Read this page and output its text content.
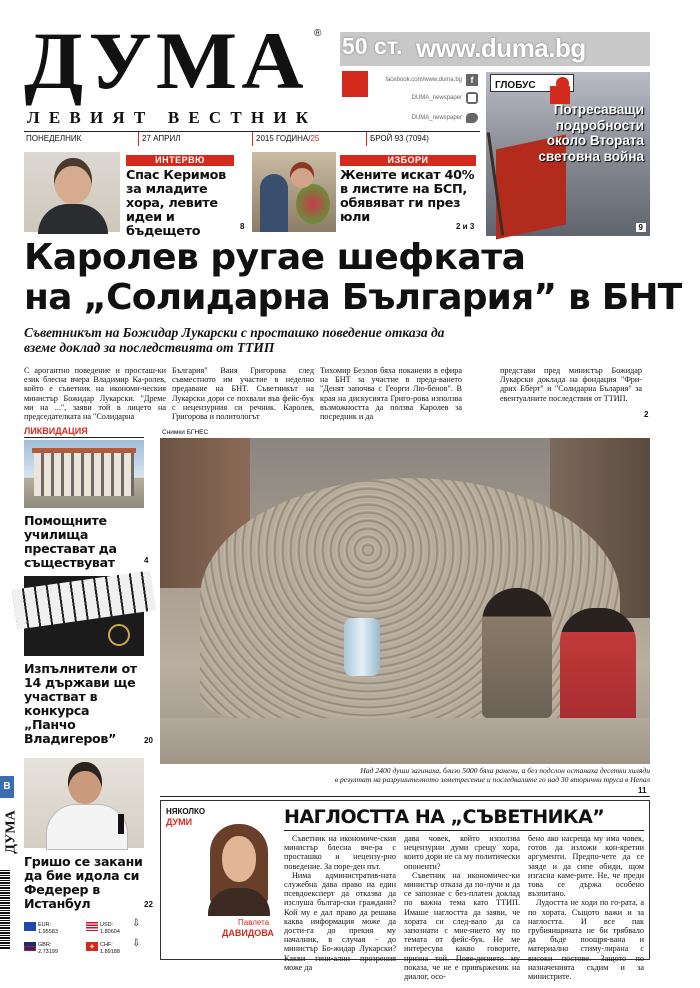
ДУМА ®
ЛЕВИЯТ ВЕСТНИК
50 ст. www.duma.bg
facebook.com/www.duma.bg f
DUMA_newspaper
DUMA_newspaper
ГЛОБУС
Потресаващи подробности около Втората световна война
9
ПОНЕДЕЛНИК	27 АПРИЛ	2015 ГОДИНА/25	БРОЙ 93 (7094)
ИНТЕРВЮ
Спас Керимов за младите хора, левите идеи и бъдещето	8
ИЗБОРИ
Жените искат 40% в листите на БСП, обявяват ги през юли
2 и 3
Каролев ругае шефката
на „Солидарна България” в БНТ
Съветникът на Божидар Лукарски с просташко поведение отказа да вземе доклад за последствията от ТТИП
С арогантно поведение и просташ-ки език блесна вчера Владимир Ка-ролев, който е съветник на икономи-ческия министър Божидар Лукарски. "Дреме ми на ...", заяви той в лицето на председателката на "Солидарна
България" Ваня Григорова след съвместното им участие в неделно предаване на БНТ. Съветникът на Лукарски дори се похвали във фейс-бук с нецензурния си речник. Каролев, Григорова и политологът
Тихомир Безлов бяха поканени в ефира на БНТ за участие в преда-ването "Денят започва с Георги Лю-бенов". В края на дискусията Григо-рова използва възможността да ползва Каролев за посредник и да
представи пред министър Божидар Лукарски доклада на фондация "Фри-дрих Еберт" и "Солидарна Бълария" за евентуалните последствия от ТТИП.
2
ЛИКВИДАЦИЯ
Помощните училища престават да съществуват	4
Изпълнители от 14 държави ще участват в конкурса „Панчо Владигеров”	20
Гришо се закани да бие идола си Федерер в Истанбул	22
EUR:
1.95583
USD:
1.80604
⇩
GBR:
2.73199
+	CHF:
1.89188
⇩
B
ДУМА
Снимки БГНЕС
Над 2400 души загинаха, близо 5000 бяха ранени, а без подслон останаха десетки хиляди
в резултат на разрушителното земетресение и последвалите го над 30 вторични труса в Непал
11
НЯКОЛКО
ДУМИ
Павлета
ДАВИДОВА
НАГЛОСТТА НА „СЪВЕТНИКА”

Съветник на икономиче-ския министър блесна вче-ра с просташко и нецензу-рно поведение. За поре-ден път.

Нима административ-ната служебна дава право на един псевдоексперт да отказва да изслуша българ-ски граждани? Кой му е дал право да решава каква информация може да дости-га до прекия му началник, в случая - до министър Бо-жидар Лукарски? Какви гени-ални прозрения може да

дава човек, който използва нецензурни думи срещу хора, които дори не са му политически опоненти?

Съветник на икономичес-ки министър отказа да по-лучи и да се запознае с без-платен доклад по важна тема като ТТИП. Имаше наглостта да заяви, че хората си след-вало да са запознати с мне-нието му по темата от фейс-бук. Не ме интересува какво говорите, призна той. Пове-дението му показа, че не е привърженик на диалог, осо-

бено ако насреща му има човек, готов да изложи кон-кретни аргументи. Предпо-чете да се заяде и да сипе обиди, щом изгасна каме-рите. Не, че преди това се държа особено възпитано.

Лудостта не ходи по го-рата, а по хората. Същото важи и за наглостта. И все пак грубиянщината не би трябвало да бъде поощря-вана и материално стиму-лирана с високи постове. Защото по назначенията съдим и за министрите.
